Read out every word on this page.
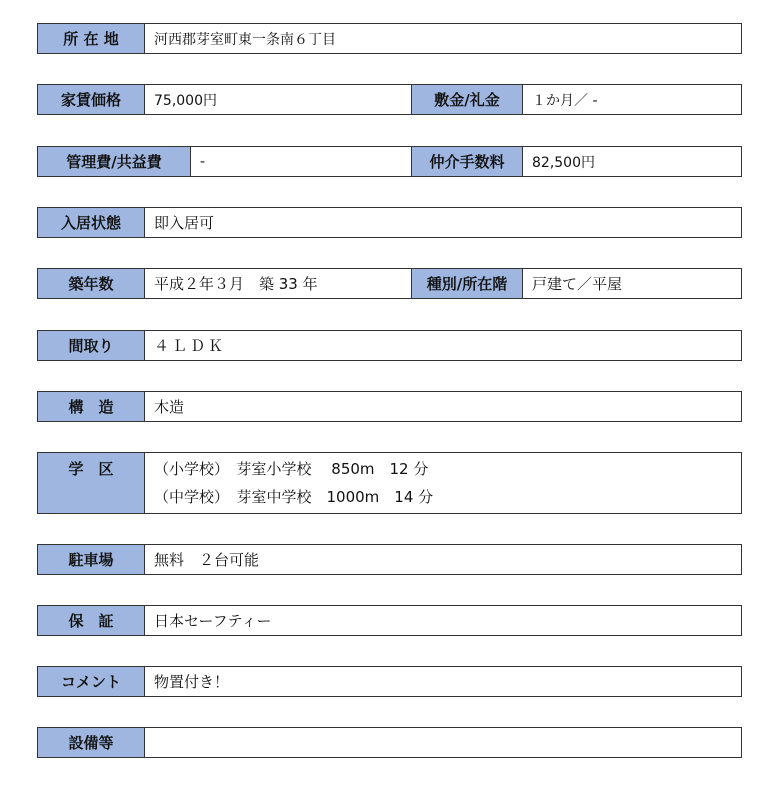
所 在 地	河西郡芽室町東一条南６丁目
家賃価格	75,000円	敷金/礼金	１か月／ -
管理費/共益費	-	仲介手数料	82,500円
入居状態	即入居可
築年数	平成２年３月　築 33 年	種別/所在階	戸建て／平屋
間取り	４ＬＤＫ
構　造	木造
学　区	（小学校）　芽室小学校　 850m　12 分
（中学校）　芽室中学校　1000m　14 分
駐車場	無料　２台可能
保　証	日本セーフティー
コメント	物置付き！
設備等
